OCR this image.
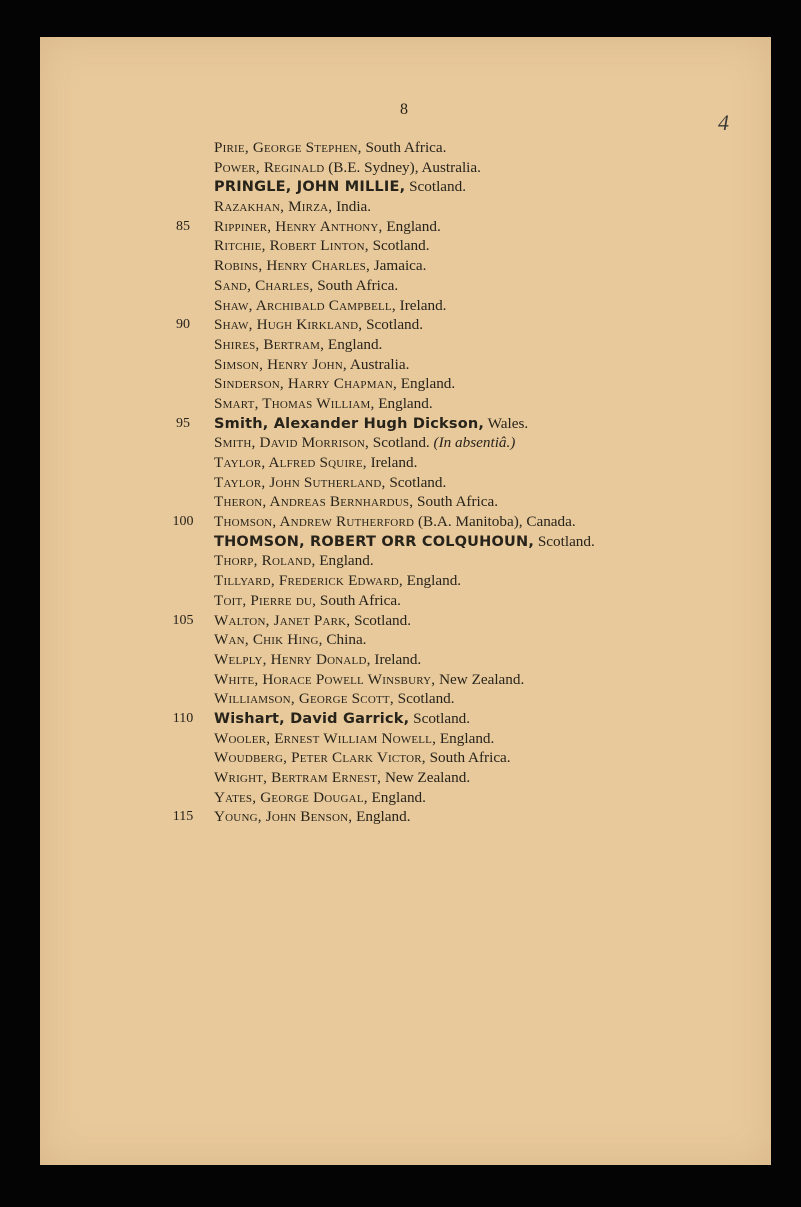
8
4
Pirie, George Stephen, South Africa.
Power, Reginald (B.E. Sydney), Australia.
PRINGLE, JOHN MILLIE, Scotland.
Razakhan, Mirza, India.
85	Rippiner, Henry Anthony, England.
Ritchie, Robert Linton, Scotland.
Robins, Henry Charles, Jamaica.
Sand, Charles, South Africa.
Shaw, Archibald Campbell, Ireland.
90	Shaw, Hugh Kirkland, Scotland.
Shires, Bertram, England.
Simson, Henry John, Australia.
Sinderson, Harry Chapman, England.
Smart, Thomas William, England.
95	Smith, Alexander Hugh Dickson, Wales.
Smith, David Morrison, Scotland. (In absentiâ.)
Taylor, Alfred Squire, Ireland.
Taylor, John Sutherland, Scotland.
Theron, Andreas Bernhardus, South Africa.
100	Thomson, Andrew Rutherford (B.A. Manitoba), Canada.
THOMSON, ROBERT ORR COLQUHOUN, Scotland.
Thorp, Roland, England.
Tillyard, Frederick Edward, England.
Toit, Pierre du, South Africa.
105	Walton, Janet Park, Scotland.
Wan, Chik Hing, China.
Welply, Henry Donald, Ireland.
White, Horace Powell Winsbury, New Zealand.
Williamson, George Scott, Scotland.
110	Wishart, David Garrick, Scotland.
Wooler, Ernest William Nowell, England.
Woudberg, Peter Clark Victor, South Africa.
Wright, Bertram Ernest, New Zealand.
Yates, George Dougal, England.
115	Young, John Benson, England.
